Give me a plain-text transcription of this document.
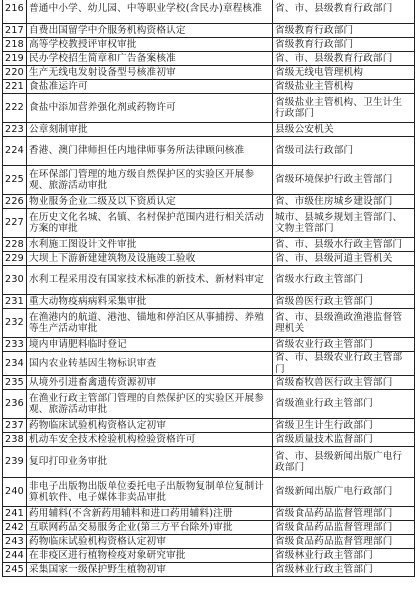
216	普通中小学、幼儿园、中等职业学校(含民办)章程核准	省、市、县级教育行政部门
217	自费出国留学中介服务机构资格认定	省级教育行政部门
218	高等学校教授评审权审批	省级教育行政部门
219	民办学校招生简章和广告备案核准	省、市、县级教育行政部门
220	生产无线电发射设备型号核准初审	省级无线电管理机构
221	食盐准运许可	省级盐业主管机构
222	食盐中添加营养强化剂或药物许可	省级盐业主管机构、卫生计生行政部门
223	公章刻制审批	县级公安机关
224	香港、澳门律师担任内地律师事务所法律顾问核准	省级司法行政部门
225	在环保部门管理的地方级自然保护区的实验区开展参观、旅游活动审批	省级环境保护行政主管部门
226	物业服务企业二级及以下资质认定	省、市级住房城乡建设部门
227	在历史文化名城、名镇、名村保护范围内进行相关活动方案的审批	城市、县城乡规划主管部门、文物主管部门
228	水利施工图设计文件审批	省、市、县级水行政主管部门
229	大坝上下游新建建筑物及设施竣工验收	省、市、县级河道主管机关
230	水利工程采用没有国家技术标准的新技术、新材料审定	省级水行政主管部门
231	重大动物疫病病料采集审批	省级兽医行政主管部门
232	在渔港内的航道、港池、锚地和停泊区从事捕捞、养殖等生产活动审批	省、市、县级渔政渔港监督管理机关
233	境内申请肥料临时登记	省级农业行政主管部门
234	国内农业转基因生物标识审查	省、市、县级农业行政主管部门
235	从境外引进畜禽遗传资源初审	省级畜牧兽医行政主管部门
236	在渔业行政主管部门管理的自然保护区的实验区开展参观、旅游活动审批	省级渔业行政主管部门
237	药物临床试验机构资格认定初审	省级卫生计生行政部门
238	机动车安全技术检验机构检验资格许可	省级质量技术监督部门
239	复印打印业务审批	省、市、县级新闻出版广电行政部门
240	非电子出版物出版单位委托电子出版物复制单位复制计算机软件、电子媒体非卖品审批	省级新闻出版广电行政部门
241	药用辅料(不含新药用辅料和进口药用辅料)注册	省级食品药品监督管理部门
242	互联网药品交易服务企业(第三方平台除外)审批	省级食品药品监督管理部门
243	药物临床试验机构资格认定初审	省级食品药品监督管理部门
244	在非疫区进行植物检疫对象研究审批	省级林业行政主管部门
245	采集国家一级保护野生植物初审	省级林业行政主管部门
